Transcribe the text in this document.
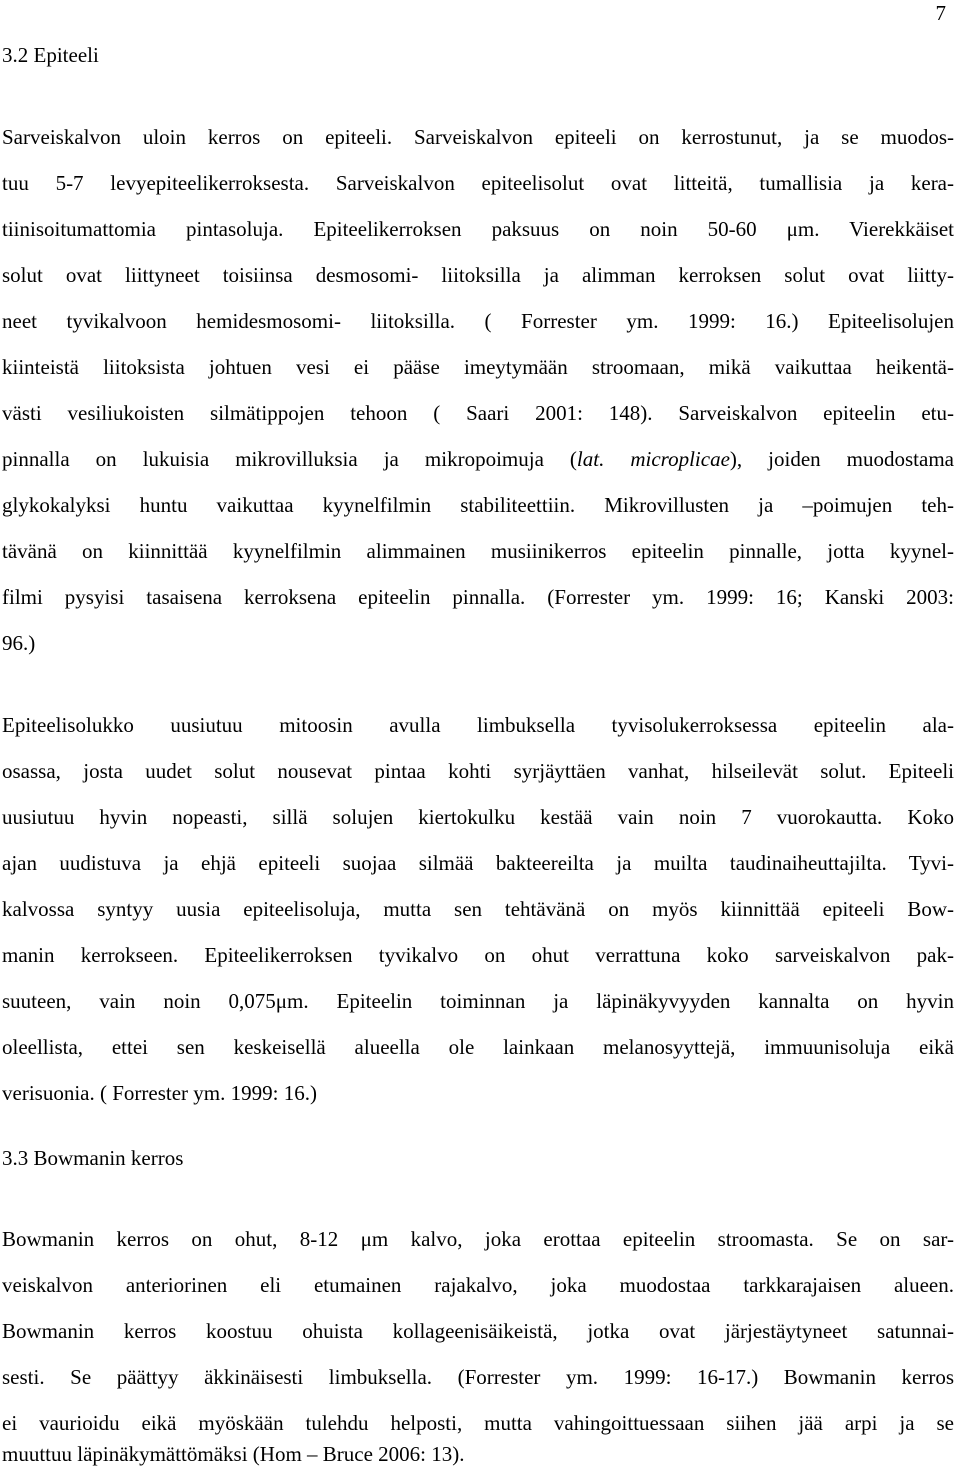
7
3.2 Epiteeli
Sarveiskalvon uloin kerros on epiteeli. Sarveiskalvon epiteeli on kerrostunut, ja se muodos-
tuu 5-7 levyepiteelikerroksesta. Sarveiskalvon epiteelisolut ovat litteitä, tumallisia ja kera-
tiinisoitumattomia pintasoluja. Epiteelikerroksen paksuus on noin 50-60 μm. Vierekkäiset
solut ovat liittyneet toisiinsa desmosomi- liitoksilla ja alimman kerroksen solut ovat liitty-
neet tyvikalvoon hemidesmosomi- liitoksilla. ( Forrester ym. 1999: 16.) Epiteelisolujen
kiinteistä liitoksista johtuen vesi ei pääse imeytymään stroomaan, mikä vaikuttaa heikentä-
västi vesiliukoisten silmätippojen tehoon ( Saari 2001: 148). Sarveiskalvon epiteelin etu-
pinnalla on lukuisia mikrovilluksia ja mikropoimuja (lat. microplicae), joiden muodostama
glykokalyksi huntu vaikuttaa kyynelfilmin stabiliteettiin. Mikrovillusten ja –poimujen teh-
tävänä on kiinnittää kyynelfilmin alimmainen musiinikerros epiteelin pinnalle, jotta kyynel-
filmi pysyisi tasaisena kerroksena epiteelin pinnalla. (Forrester ym. 1999: 16; Kanski 2003:
96.)
Epiteelisolukko uusiutuu mitoosin avulla limbuksella tyvisolukerroksessa epiteelin ala-
osassa, josta uudet solut nousevat pintaa kohti syrjäyttäen vanhat, hilseilevät solut. Epiteeli
uusiutuu hyvin nopeasti, sillä solujen kiertokulku kestää vain noin 7 vuorokautta. Koko
ajan uudistuva ja ehjä epiteeli suojaa silmää bakteereilta ja muilta taudinaiheuttajilta. Tyvi-
kalvossa syntyy uusia epiteelisoluja, mutta sen tehtävänä on myös kiinnittää epiteeli Bow-
manin kerrokseen. Epiteelikerroksen tyvikalvo on ohut verrattuna koko sarveiskalvon pak-
suuteen, vain noin 0,075μm. Epiteelin toiminnan ja läpinäkyvyyden kannalta on hyvin
oleellista, ettei sen keskeisellä alueella ole lainkaan melanosyyttejä, immuunisoluja eikä
verisuonia. ( Forrester ym. 1999: 16.)
3.3 Bowmanin kerros
Bowmanin kerros on ohut, 8-12 μm kalvo, joka erottaa epiteelin stroomasta. Se on sar-
veiskalvon anteriorinen eli etumainen rajakalvo, joka muodostaa tarkkarajaisen alueen.
Bowmanin kerros koostuu ohuista kollageenisäikeistä, jotka ovat järjestäytyneet satunnai-
sesti. Se päättyy äkkinäisesti limbuksella. (Forrester ym. 1999: 16-17.) Bowmanin kerros
ei vaurioidu eikä myöskään tulehdu helposti, mutta vahingoittuessaan siihen jää arpi ja se
muuttuu läpinäkymättömäksi (Hom – Bruce 2006: 13).
